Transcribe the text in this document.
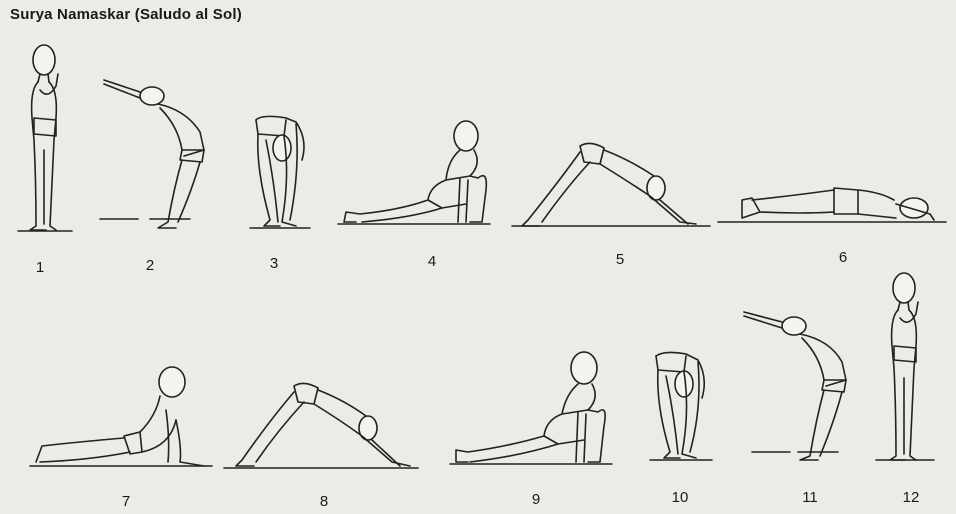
Surya Namaskar (Saludo al Sol)
1	2	3	4	5	6
7	8	9	10	11	12
